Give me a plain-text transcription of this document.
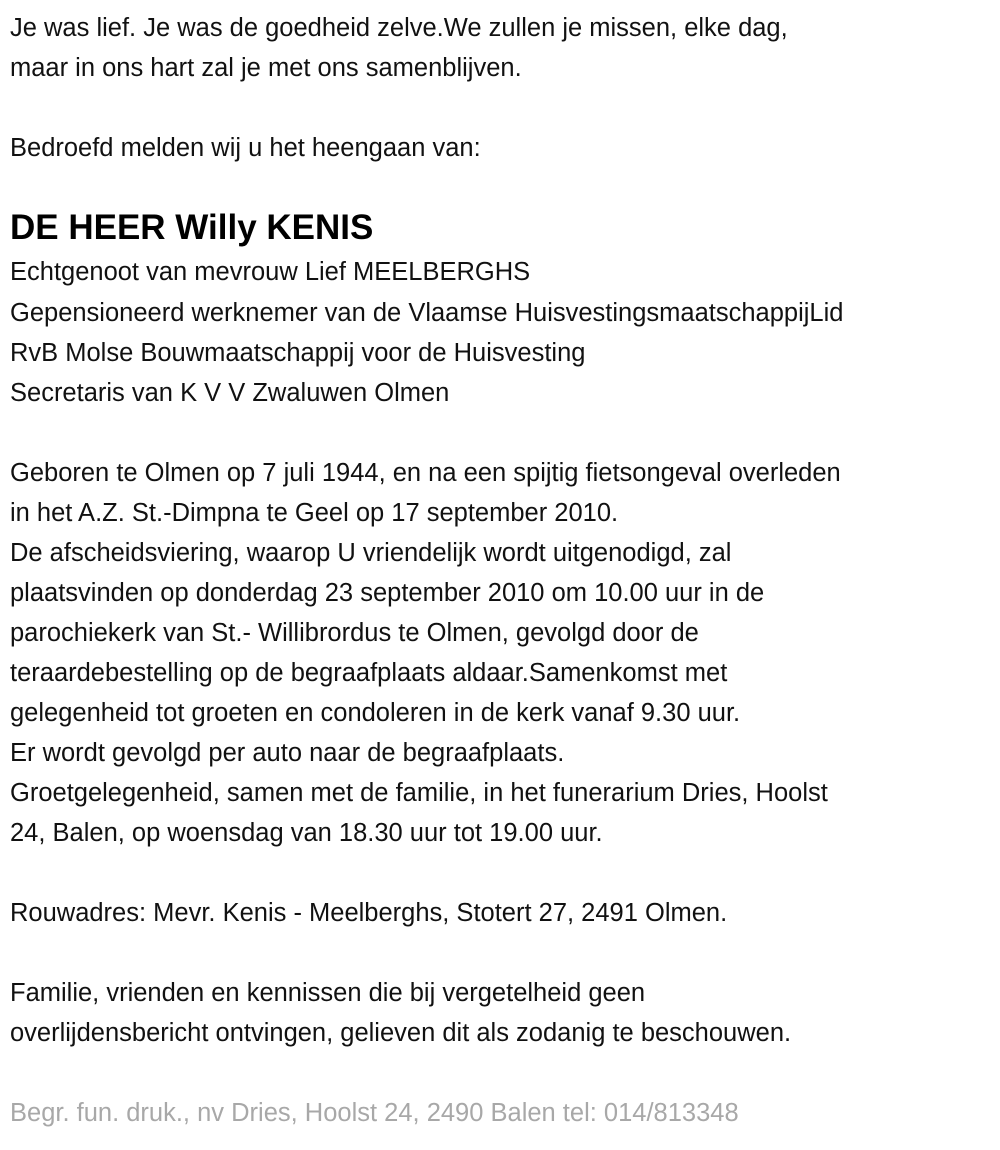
Je was lief. Je was de goedheid zelve.We zullen je missen, elke dag,
maar in ons hart zal je met ons samenblijven.
Bedroefd melden wij u het heengaan van:
DE HEER Willy KENIS
Echtgenoot van mevrouw Lief MEELBERGHS
Gepensioneerd werknemer van de Vlaamse HuisvestingsmaatschappijLid
RvB Molse Bouwmaatschappij voor de Huisvesting
Secretaris van K V V Zwaluwen Olmen
Geboren te Olmen op 7 juli 1944, en na een spijtig fietsongeval overleden
in het A.Z. St.-Dimpna te Geel op 17 september 2010.
De afscheidsviering, waarop U vriendelijk wordt uitgenodigd, zal
plaatsvinden op donderdag 23 september 2010 om 10.00 uur in de
parochiekerk van St.- Willibrordus te Olmen, gevolgd door de
teraardebestelling op de begraafplaats aldaar.Samenkomst met
gelegenheid tot groeten en condoleren in de kerk vanaf 9.30 uur.
Er wordt gevolgd per auto naar de begraafplaats.
Groetgelegenheid, samen met de familie, in het funerarium Dries, Hoolst
24, Balen, op woensdag van 18.30 uur tot 19.00 uur.
Rouwadres: Mevr. Kenis - Meelberghs, Stotert 27, 2491 Olmen.
Familie, vrienden en kennissen die bij vergetelheid geen
overlijdensbericht ontvingen, gelieven dit als zodanig te beschouwen.
Begr. fun. druk., nv Dries, Hoolst 24, 2490 Balen tel: 014/813348
